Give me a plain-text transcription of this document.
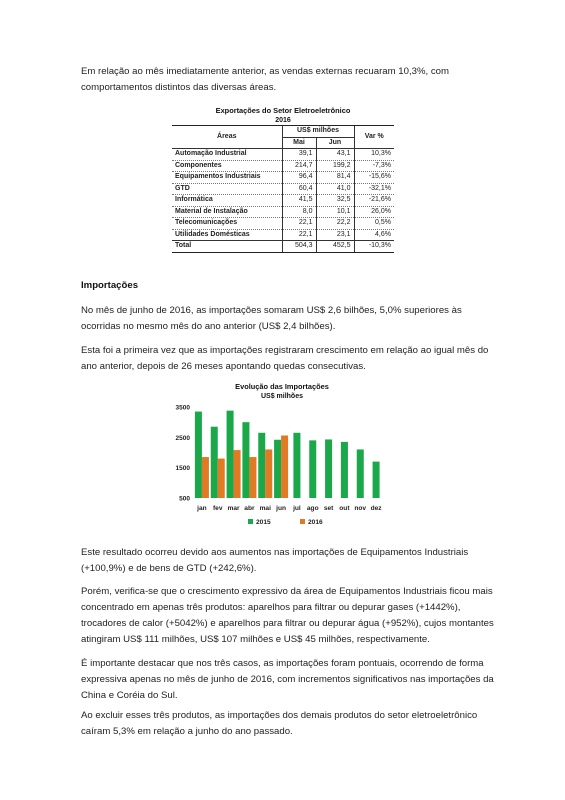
Em relação ao mês imediatamente anterior, as vendas externas recuaram 10,3%, com comportamentos distintos das diversas áreas.

Exportações do Setor Eletroeletrônico
2016
Áreas	US$ milhões		Var %
	Mai	Jun	
Automação Industrial	39,1	43,1	10,3%
Componentes	214,7	199,2	-7,3%
Equipamentos Industriais	96,4	81,4	-15,6%
GTD	60,4	41,0	-32,1%
Informática	41,5	32,5	-21,6%
Material de Instalação	8,0	10,1	26,0%
Telecomunicações	22,1	22,2	0,5%
Utilidades Domésticas	22,1	23,1	4,6%
Total	504,3	452,5	-10,3%
Importações

No mês de junho de 2016, as importações somaram US$ 2,6 bilhões, 5,0% superiores às ocorridas no mesmo mês do ano anterior (US$ 2,4 bilhões).

Esta foi a primeira vez que as importações registraram crescimento em relação ao igual mês do ano anterior, depois de 26 meses apontando quedas consecutivas.

Evolução das Importações
US$ milhões
3500
2500
1500
500
jan fev mar abr mai jun jul ago set out nov dez
2015	2016

Este resultado ocorreu devido aos aumentos nas importações de Equipamentos Industriais (+100,9%) e de bens de GTD (+242,6%).

Porém, verifica-se que o crescimento expressivo da área de Equipamentos Industriais ficou mais concentrado em apenas três produtos: aparelhos para filtrar ou depurar gases (+1442%), trocadores de calor (+5042%) e aparelhos para filtrar ou depurar água (+952%), cujos montantes atingiram US$ 111 milhões, US$ 107 milhões e US$ 45 milhões, respectivamente.

É importante destacar que nos três casos, as importações foram pontuais, ocorrendo de forma expressiva apenas no mês de junho de 2016, com incrementos significativos nas importações da China e Coréia do Sul.

Ao excluir esses três produtos, as importações dos demais produtos do setor eletroeletrônico caíram 5,3% em relação a junho do ano passado.
